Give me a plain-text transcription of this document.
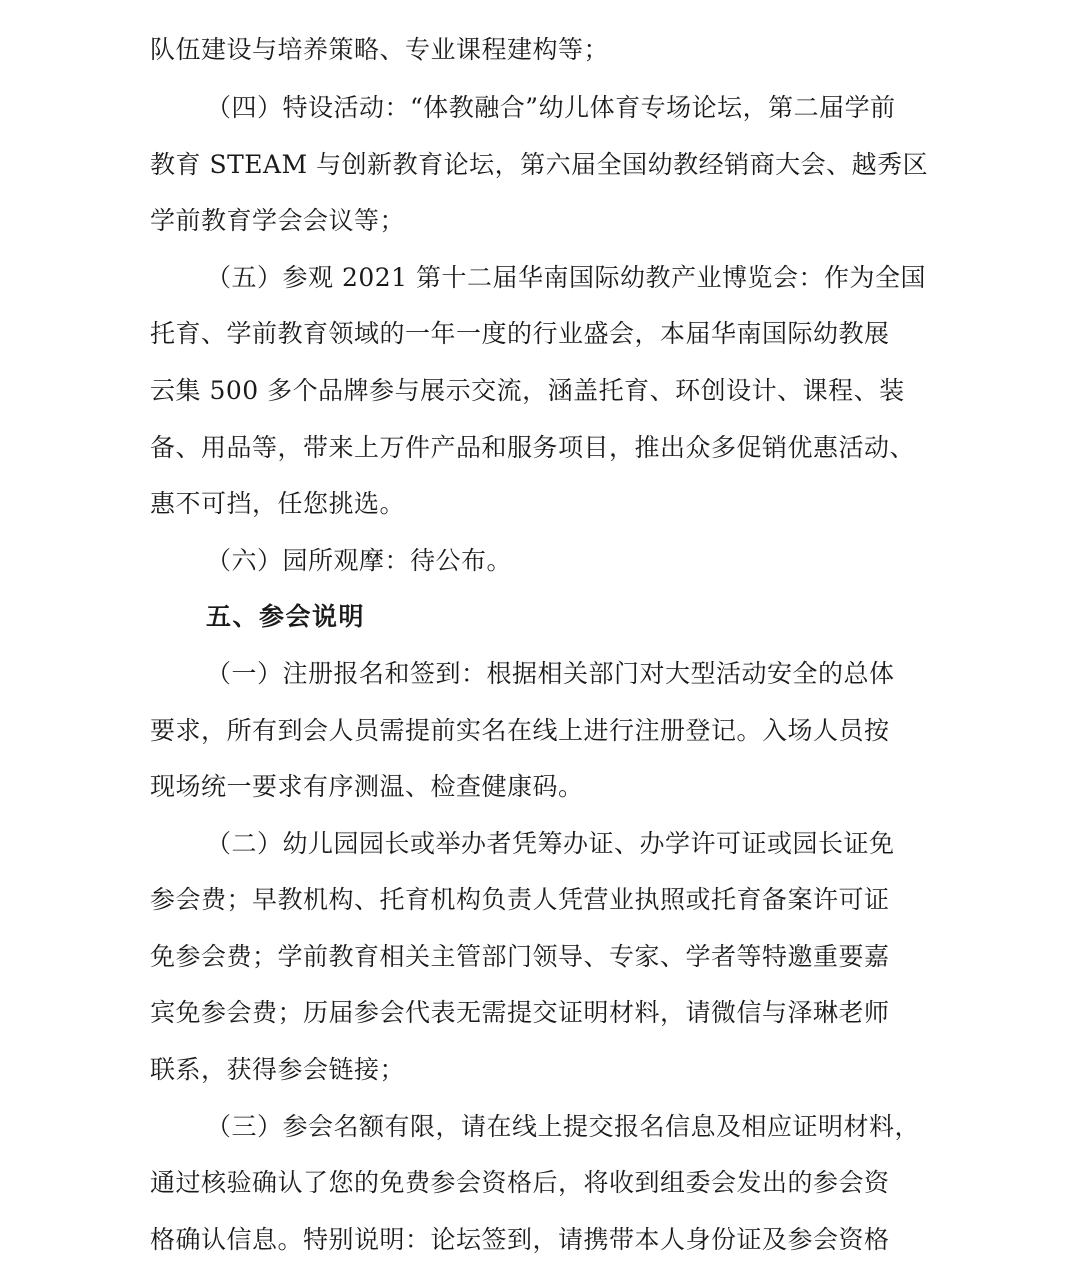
队伍建设与培养策略、专业课程建构等；
（四）特设活动：“体教融合”幼儿体育专场论坛，第二届学前
教育 STEAM 与创新教育论坛，第六届全国幼教经销商大会、越秀区
学前教育学会会议等；
（五）参观 2021 第十二届华南国际幼教产业博览会：作为全国
托育、学前教育领域的一年一度的行业盛会，本届华南国际幼教展
云集 500 多个品牌参与展示交流，涵盖托育、环创设计、课程、装
备、用品等，带来上万件产品和服务项目，推出众多促销优惠活动、
惠不可挡，任您挑选。
（六）园所观摩：待公布。
五、参会说明
（一）注册报名和签到：根据相关部门对大型活动安全的总体
要求，所有到会人员需提前实名在线上进行注册登记。入场人员按
现场统一要求有序测温、检查健康码。
（二）幼儿园园长或举办者凭筹办证、办学许可证或园长证免
参会费；早教机构、托育机构负责人凭营业执照或托育备案许可证
免参会费；学前教育相关主管部门领导、专家、学者等特邀重要嘉
宾免参会费；历届参会代表无需提交证明材料，请微信与泽琳老师
联系，获得参会链接；
（三）参会名额有限，请在线上提交报名信息及相应证明材料，
通过核验确认了您的免费参会资格后，将收到组委会发出的参会资
格确认信息。特别说明：论坛签到，请携带本人身份证及参会资格
